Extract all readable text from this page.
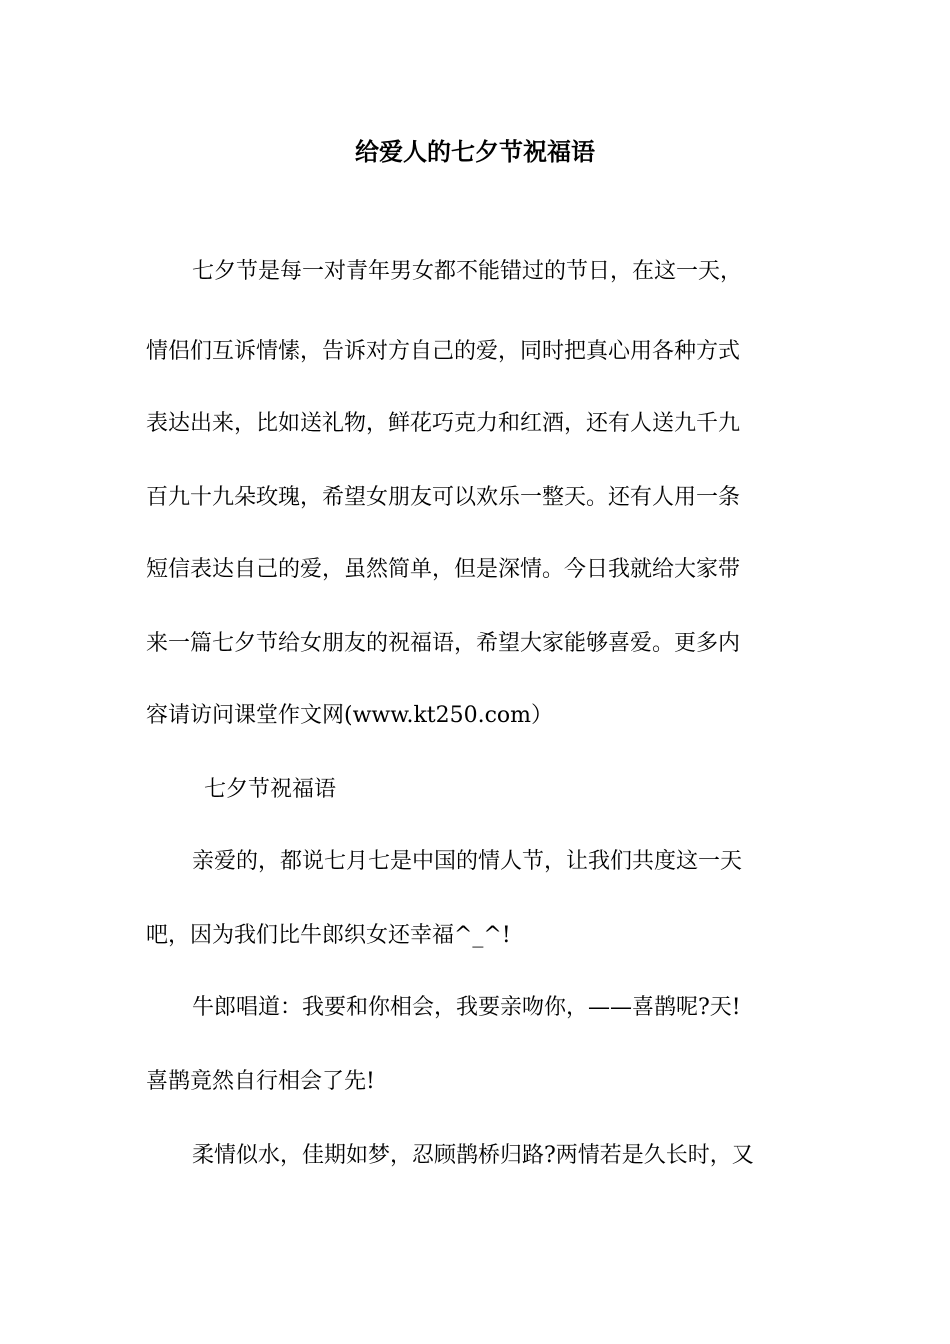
给爱人的七夕节祝福语

七夕节是每一对青年男女都不能错过的节日，在这一天，

情侣们互诉情愫，告诉对方自己的爱，同时把真心用各种方式

表达出来，比如送礼物，鲜花巧克力和红酒，还有人送九千九

百九十九朵玫瑰，希望女朋友可以欢乐一整天。还有人用一条

短信表达自己的爱，虽然简单，但是深情。今日我就给大家带

来一篇七夕节给女朋友的祝福语，希望大家能够喜爱。更多内

容请访问课堂作文网(www.kt250.com）

七夕节祝福语

亲爱的，都说七月七是中国的情人节，让我们共度这一天

吧，因为我们比牛郎织女还幸福^_^!

牛郎唱道：我要和你相会，我要亲吻你，——喜鹊呢?天!

喜鹊竟然自行相会了先!

柔情似水，佳期如梦，忍顾鹊桥归路?两情若是久长时，又
